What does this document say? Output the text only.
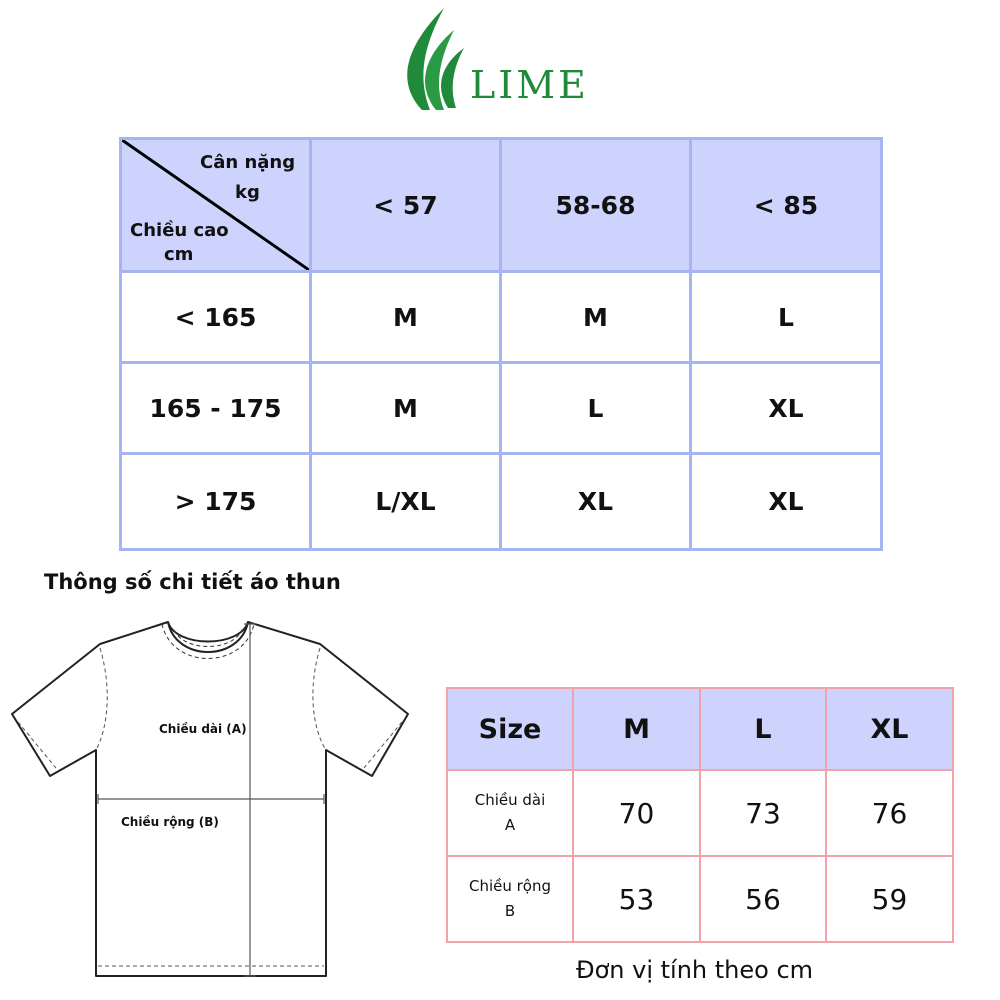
LIME
Cân nặng
kg
Chiều cao
cm	< 57	58-68	< 85
< 165	M	M	L
165 - 175	M	L	XL
> 175	L/XL	XL	XL
Thông số chi tiết áo thun
Chiều dài (A)
Chiều rộng (B)
Size	M	L	XL
Chiều dài
A	70	73	76
Chiều rộng
B	53	56	59
Đơn vị tính theo cm
